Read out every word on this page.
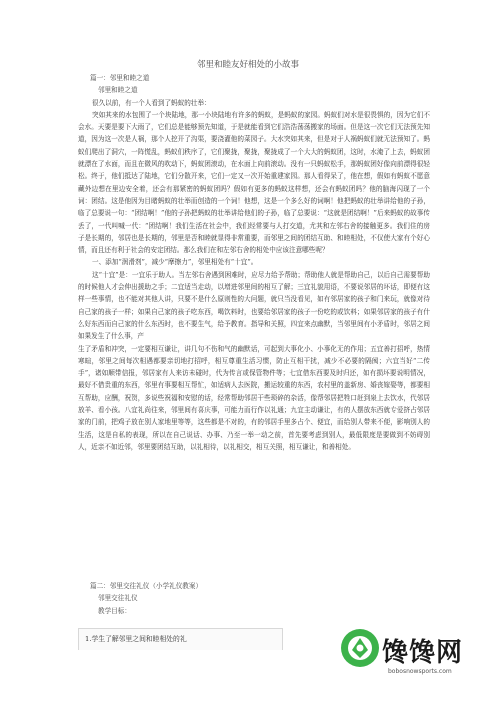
邻里和睦友好相处的小故事

篇一：邻里和睦之道

邻里和睦之道

很久以前，有一个人看到了蚂蚁的壮举：

突如其来的水包围了一个块陆地，那一小块陆地有许多的蚂蚁，是蚂蚁的家园。蚂蚁们对水是很畏惧的，因为它们不会水。天要是要下大雨了，它们总是能够预先知道，于是就能看到它们浩浩荡荡搬家的场面。但是这一次它们无法预先知道，因为这一次是人祸，那个人挖开了沟渠，要浇灌他的菜园子。大水突如其来，但是对于人祸蚂蚁们就无法预知了。蚂蚁们爬出了洞穴，一阵慌乱，蚂蚁们秩序了，它们聚拢，聚拢，聚拢成了一个大大的蚂蚁团，这时，水淹了上去，蚂蚁团就漂在了水面，而且在微风的吹动下，蚂蚁团滚动，在水面上向前滚动。没有一只蚂蚁松手，那蚂蚁团好像向前漂得很轻松。终于，他们抵达了陆地，它们分散开来，它们一定又一次开始重建家园。那人看得呆了，他在想，假如有蚂蚁不愿意藏外边想在里边安全着，还会有那紧密的蚂蚁团吗？假如有更多的蚂蚁这样想，还会有蚂蚁团吗？他的脑海闪现了一个词：团结。这是他因为目睹蚂蚁的壮举而创造的一个词！他想，这是一个多么好的词啊！他把蚂蚁的壮举讲给他的子孙，临了总要说一句：“团结啊！”他的子孙把蚂蚁的壮举讲给他们的子孙，临了总要说：“这就是团结啊！”后来蚂蚁的故事传丢了，一代叫喊一代：“团结啊！我们生活在社会中，我们经常要与人打交道，尤其和左邻右舍的接触更多。我们住的房子是长期的，邻居也是长期的，邻里是否和睦就显得非常重要，而邻里之间的团结互助、和睦相处，不仅使大家有个好心情，而且还有利于社会的安定团结。那么我们在和左邻右舍的相处中应该注意哪些呢？

一、添加“润滑剂”，减少“摩擦力”，邻里相处有“十宜”。

这“十宜”是：一宜乐于助人。当左邻右舍遇到困难时，应尽力给予帮助；帮助他人就是帮助自己，以后自己需要帮助的时候他人才会伸出援助之手；二宜适当走动，以增进邻里间的相互了解；三宜礼貌用语，不要说邻居的坏话，即便有这样一些事情，也不能对其他人讲，只要不是什么原则性的大问题，就只当没看见，如有邻居家的孩子和门来玩，就像对待自己家的孩子一样；如果自己家的孩子吃东西，喝饮料时，也要给邻居家的孩子一份吃的或饮料；如果邻居家的孩子有什么好东西而自己家的什么东西时，也不要生气，给予教育。指导和关照，四宜来点幽默，当邻里间有小矛盾时，邻居之间如果发生了什么事，产

生了矛盾和冲突，一定要相互谦让，讲几句不伤和气的幽默话，可起到大事化小、小事化无的作用；五宜善打招呼，热情寒暄，邻里之间每次相遇都要亲切地打招呼，相互尊重生活习惯，防止互相干扰，减少不必要的隔阂；六宜当好“二传手”，诸如顺带信报，邻居家有人来访未碰时，代为传言或保管物件等；七宜借东西要及时归还，如有损坏要说明情况，最好不借贵重的东西，邻里有事要相互帮忙，如适病人去医院，搬运较重的东西，农村里的盖新房、婚丧嫁娶等，都要相互帮助，应酬，祝贺，多说些祝福和安慰的话，经常帮助邻居干些琐碎的杂活，像帮邻居把牲口赶到泉上去饮水，代邻居放羊、看小孩。八宜礼尚往来，邻里间有喜庆事，可能力而行作以礼通；九宜主动谦让，有的人摆放东西就专爱挤占邻居家的门前，把鸡子放在别人家地里等等，这些都是不对的，有的邻居手里多占个、便宜，而给别人带来不便，影响别人的生活，这是自私的表现，所以在自己说话、办事、乃至一举一动之前，首先要考虑到别人，最低限度是要做到不妨碍别人，近亲不如近邻，邻里要团结互助，以礼相待，以礼相交，相互关照，相互谦让，和善相处。

篇二：邻里交往礼仪（小学礼仪教案）

邻里交往礼仪

教学目标：

1.学生了解邻里之间和睦相处的礼	馋馋网
bobosnowsports.com
